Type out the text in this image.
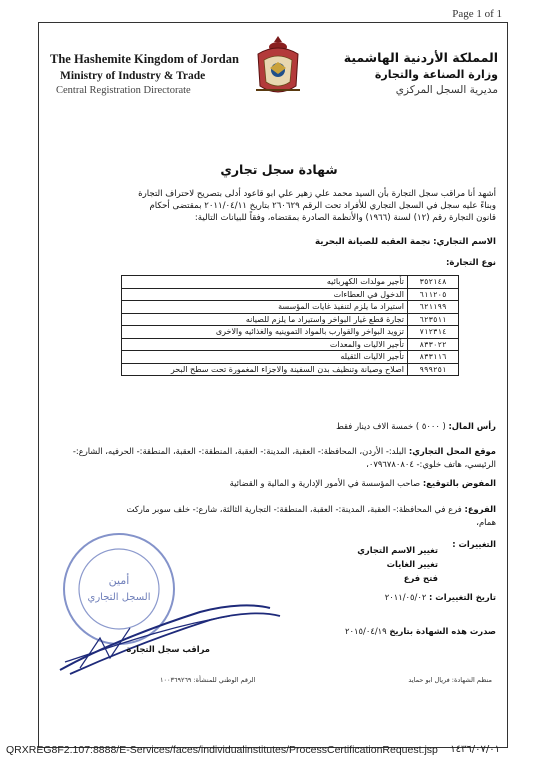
Page 1 of 1
The Hashemite Kingdom of Jordan
Ministry of Industry & Trade
Central Registration Directorate
المملكة الأردنية الهاشمية
وزارة الصناعة والتجارة
مديرية السجل المركزي
شهادة سجل تجاري
أشهد أنا مراقب سجل التجارة بأن السيد محمد علي زهير علي ابو قاعود أدلى بتصريح لاحتراف التجارة
وبناءً عليه سجل في السجل التجاري للأفراد تحت الرقم ٢٦٠٦٢٩ بتاريخ ٢٠١١/٠٤/١١ بمقتضى أحكام
قانون التجارة رقم (١٢) لسنة (١٩٦٦) والأنظمة الصادرة بمقتضاه، وفقاً للبيانات التالية:
الاسم التجاري: نجمة العقبه للصيانة البحرية
نوع التجارة:
٣٥٢١٤٨	تأجير مولدات الكهربائيه
٦١١٢٠٥	الدخول في العطاءات
٦٢١١٩٩	استيراد ما يلزم لتنفيذ غايات المؤسسة
٦٢٣٥١١	تجارة قطع غيار البواخر واستيراد ما يلزم للصيانه
٧١٢٣١٤	تزويد البواخر والقوارب بالمواد التموينيه والغذائيه والاخرى
٨٣٣٠٢٢	تأجير الاليات والمعدات
٨٣٣١١٦	تأجير الاليات الثقيله
٩٩٩٢٥١	اصلاح وصيانة وتنظيف بدن السفينة والاجزاء المغمورة تحت سطح البحر
رأس المال: ( ٥٠٠٠ ) خمسة الاف دينار فقط
موقع المحل التجاري: البلد:- الأردن، المحافظة:- العقبة، المدينة:- العقبة، المنطقة:- العقبة، المنطقة:- الحرفيه، الشارع:-
الرئيسي، هاتف خلوي:- ٠٧٩٦٧٨٠٨٠٤،
المفوض بالتوقيع: صاحب المؤسسة في الأمور الإدارية و المالية و القضائية
الفروع: فرع في المحافظة:- العقبة، المدينة:- العقبة، المنطقة:- التجارية الثالثة، شارع:- خلف سوبر ماركت
همام،
التغييرات :
تغيير الاسم التجاري
تغيير الغايات
فتح فرع
تاريخ التغييرات : ٢٠١١/٠٥/٠٢
صدرت هذه الشهادة بتاريخ ٢٠١٥/٠٤/١٩
أمين
السجل التجاري
مراقب سجل التجارة
الرقم الوطني للمنشأة: ١٠٠٣٦٩٢٦٩	منظم الشهادة: فريال ابو حمايد
QRXREG8F2.107:8888/E-Services/faces/individualinstitutes/ProcessCertificationRequest.jsp ١٤٣٦/٠٧/٠١
